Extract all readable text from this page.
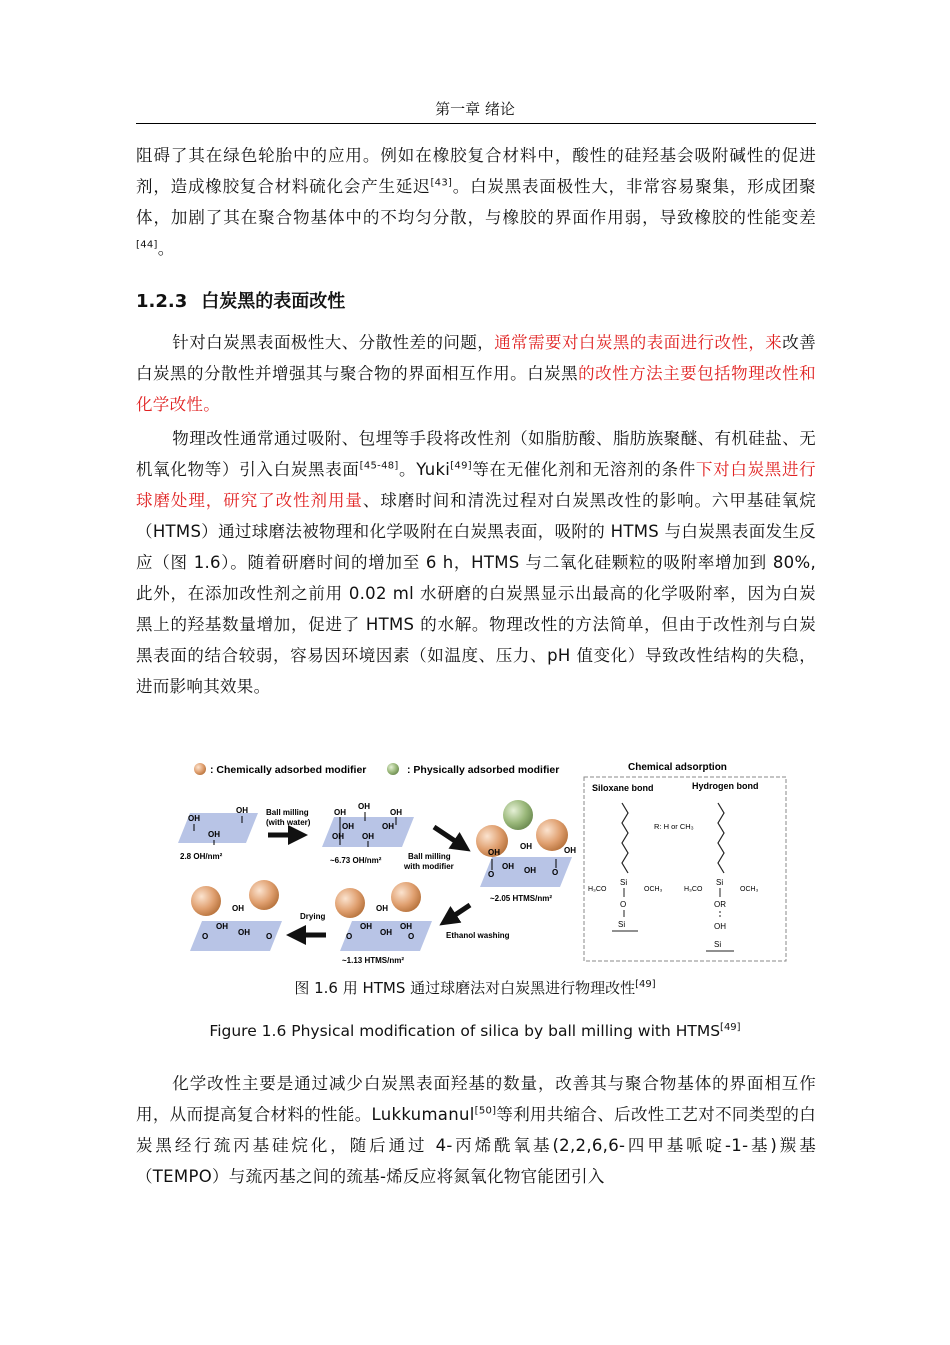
第一章 绪论

阻碍了其在绿色轮胎中的应用。例如在橡胶复合材料中，酸性的硅羟基会吸附碱性的促进剂，造成橡胶复合材料硫化会产生延迟[43]。白炭黑表面极性大，非常容易聚集，形成团聚体，加剧了其在聚合物基体中的不均匀分散，与橡胶的界面作用弱，导致橡胶的性能变差[44]。

1.2.3 白炭黑的表面改性

针对白炭黑表面极性大、分散性差的问题，通常需要对白炭黑的表面进行改性，来改善白炭黑的分散性并增强其与聚合物的界面相互作用。白炭黑的改性方法主要包括物理改性和化学改性。

物理改性通常通过吸附、包埋等手段将改性剂（如脂肪酸、脂肪族聚醚、有机硅盐、无机氧化物等）引入白炭黑表面[45-48]。Yuki[49]等在无催化剂和无溶剂的条件下对白炭黑进行球磨处理，研究了改性剂用量、球磨时间和清洗过程对白炭黑改性的影响。六甲基硅氧烷（HTMS）通过球磨法被物理和化学吸附在白炭黑表面，吸附的 HTMS 与白炭黑表面发生反应（图 1.6）。随着研磨时间的增加至 6 h，HTMS 与二氧化硅颗粒的吸附率增加到 80%, 此外，在添加改性剂之前用 0.02 ml 水研磨的白炭黑显示出最高的化学吸附率，因为白炭黑上的羟基数量增加，促进了 HTMS 的水解。物理改性的方法简单，但由于改性剂与白炭黑表面的结合较弱，容易因环境因素（如温度、压力、pH 值变化）导致改性结构的失稳，进而影响其效果。

: Chemically adsorbed modifier	: Physically adsorbed modifier
OH
OH
OH
2.8 OH/nm²
Ball milling
(with water)
OH
OH
OH
OH	OH
OH OH
~6.73 OH/nm²	Ball milling
with modifier
OH
OH	OH
OH OH
O	O
~2.05 HTMS/nm²
Ethanol washing
OH
OH
OH
OH
O	O
~1.13 HTMS/nm²
Drying
OH
OH
OH
O	O
Chemical adsorption
Siloxane bond	Hydrogen bond
R: H or CH₃
Si
H₃CO	OCH₃
O
Si
Si
H₃CO	OCH₃
OR
OH
Si
图 1.6 用 HTMS 通过球磨法对白炭黑进行物理改性[49]
Figure 1.6 Physical modification of silica by ball milling with HTMS[49]

化学改性主要是通过减少白炭黑表面羟基的数量，改善其与聚合物基体的界面相互作用，从而提高复合材料的性能。Lukkumanul[50]等利用共缩合、后改性工艺对不同类型的白炭黑经行巯丙基硅烷化，随后通过 4-丙烯酰氧基(2,2,6,6-四甲基哌啶-1-基)羰基（TEMPO）与巯丙基之间的巯基-烯反应将氮氧化物官能团引入
